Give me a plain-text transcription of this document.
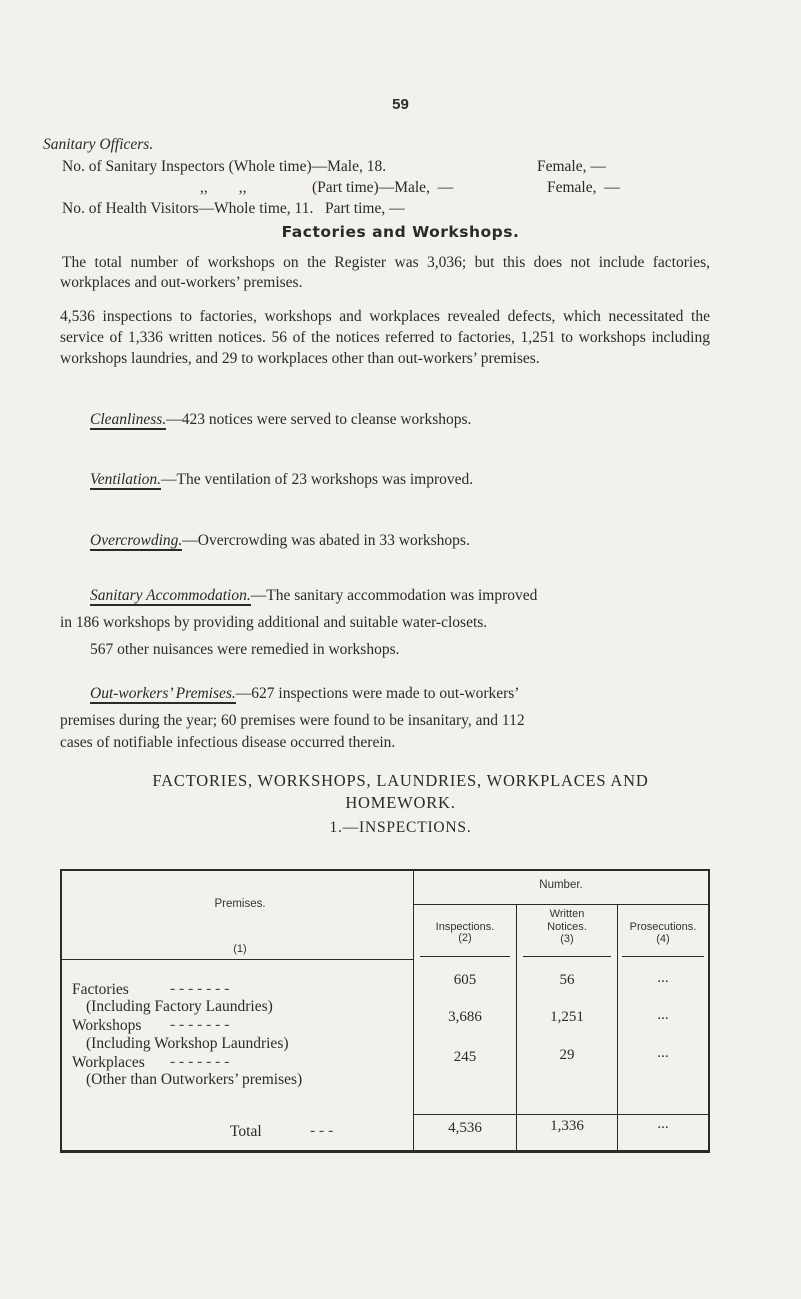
59
Sanitary Officers.
No. of Sanitary Inspectors (Whole time)—Male, 18.	Female, —
,,        ,,	(Part time)—Male,  —	Female,  —
No. of Health Visitors—Whole time, 11.   Part time, —
Factories and Workshops.
The total number of workshops on the Register was 3,036; but this does not include factories, workplaces and out-workers’ premises.
4,536 inspections to factories, workshops and workplaces revealed defects, which necessitated the service of 1,336 written notices. 56 of the notices referred to factories, 1,251 to workshops including workshops laundries, and 29 to workplaces other than out-workers’ premises.
Cleanliness.—423 notices were served to cleanse workshops.
Ventilation.—The ventilation of 23 workshops was improved.
Overcrowding.—Overcrowding was abated in 33 workshops.
Sanitary Accommodation.—The sanitary accommodation was improved
in 186 workshops by providing additional and suitable water-closets.
567 other nuisances were remedied in workshops.
Out-workers’ Premises.—627 inspections were made to out-workers’
premises during the year; 60 premises were found to be insanitary, and 112
cases of notifiable infectious disease occurred therein.
FACTORIES, WORKSHOPS, LAUNDRIES, WORKPLACES AND
HOMEWORK.
1.—INSPECTIONS.
Premises.
(1)
Number.
Inspections.
(2)
Written
Notices.
(3)
Prosecutions.
(4)
Factories	- - - - - - -
(Including Factory Laundries)
605	56	...
Workshops - - - - - - -
(Including Workshop Laundries)
3,686	1,251	...
Workplaces - - - - - - -
(Other than Outworkers’ premises)
245	29	...
Total	- - -	4,536	1,336	...
